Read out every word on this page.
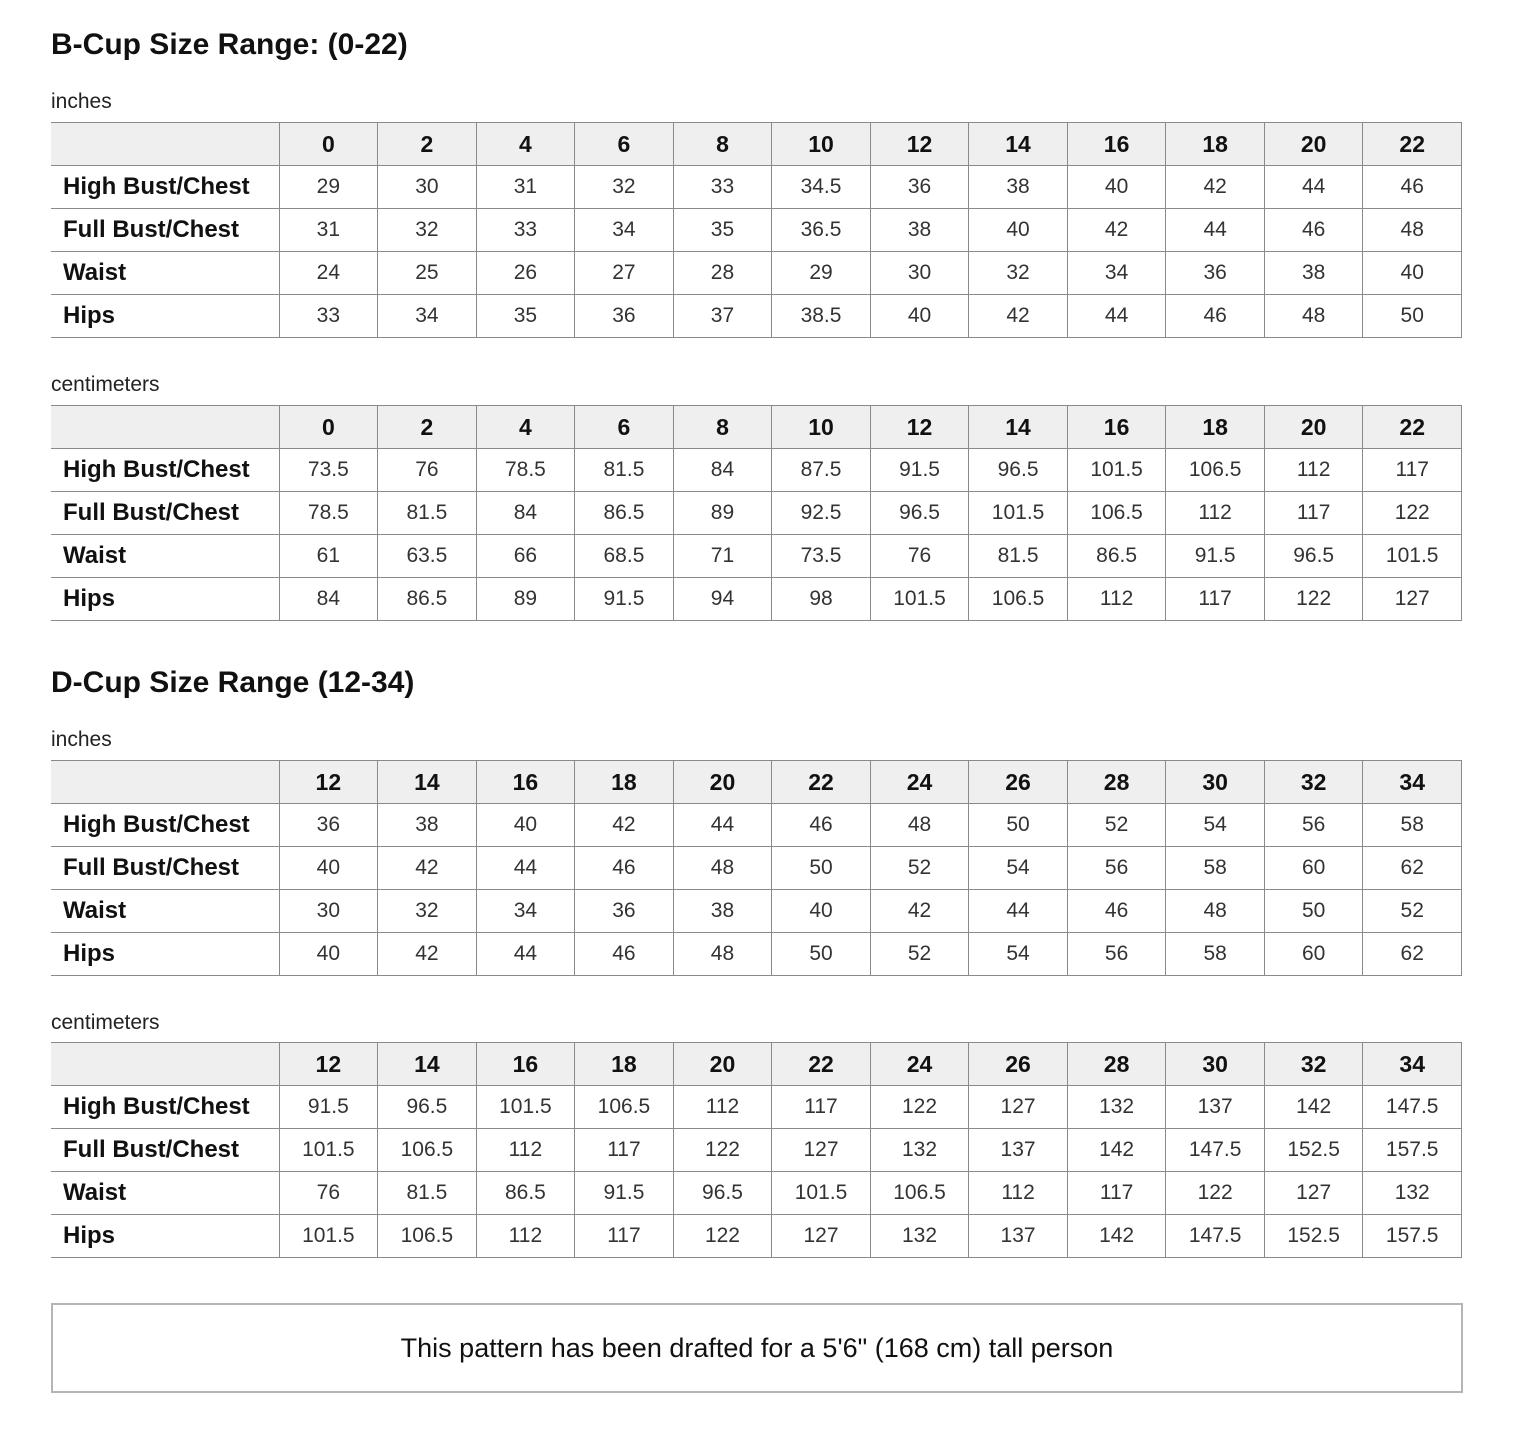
B-Cup Size Range: (0-22)

inches

	0	2	4	6	8	10	12	14	16	18	20	22
High Bust/Chest	29	30	31	32	33	34.5	36	38	40	42	44	46
Full Bust/Chest	31	32	33	34	35	36.5	38	40	42	44	46	48
Waist	24	25	26	27	28	29	30	32	34	36	38	40
Hips	33	34	35	36	37	38.5	40	42	44	46	48	50

centimeters

	0	2	4	6	8	10	12	14	16	18	20	22
High Bust/Chest	73.5	76	78.5	81.5	84	87.5	91.5	96.5	101.5	106.5	112	117
Full Bust/Chest	78.5	81.5	84	86.5	89	92.5	96.5	101.5	106.5	112	117	122
Waist	61	63.5	66	68.5	71	73.5	76	81.5	86.5	91.5	96.5	101.5
Hips	84	86.5	89	91.5	94	98	101.5	106.5	112	117	122	127
D-Cup Size Range (12-34)

inches

	12	14	16	18	20	22	24	26	28	30	32	34
High Bust/Chest	36	38	40	42	44	46	48	50	52	54	56	58
Full Bust/Chest	40	42	44	46	48	50	52	54	56	58	60	62
Waist	30	32	34	36	38	40	42	44	46	48	50	52
Hips	40	42	44	46	48	50	52	54	56	58	60	62

centimeters

	12	14	16	18	20	22	24	26	28	30	32	34
High Bust/Chest	91.5	96.5	101.5	106.5	112	117	122	127	132	137	142	147.5
Full Bust/Chest	101.5	106.5	112	117	122	127	132	137	142	147.5	152.5	157.5
Waist	76	81.5	86.5	91.5	96.5	101.5	106.5	112	117	122	127	132
Hips	101.5	106.5	112	117	122	127	132	137	142	147.5	152.5	157.5
This pattern has been drafted for a 5'6" (168 cm) tall person
